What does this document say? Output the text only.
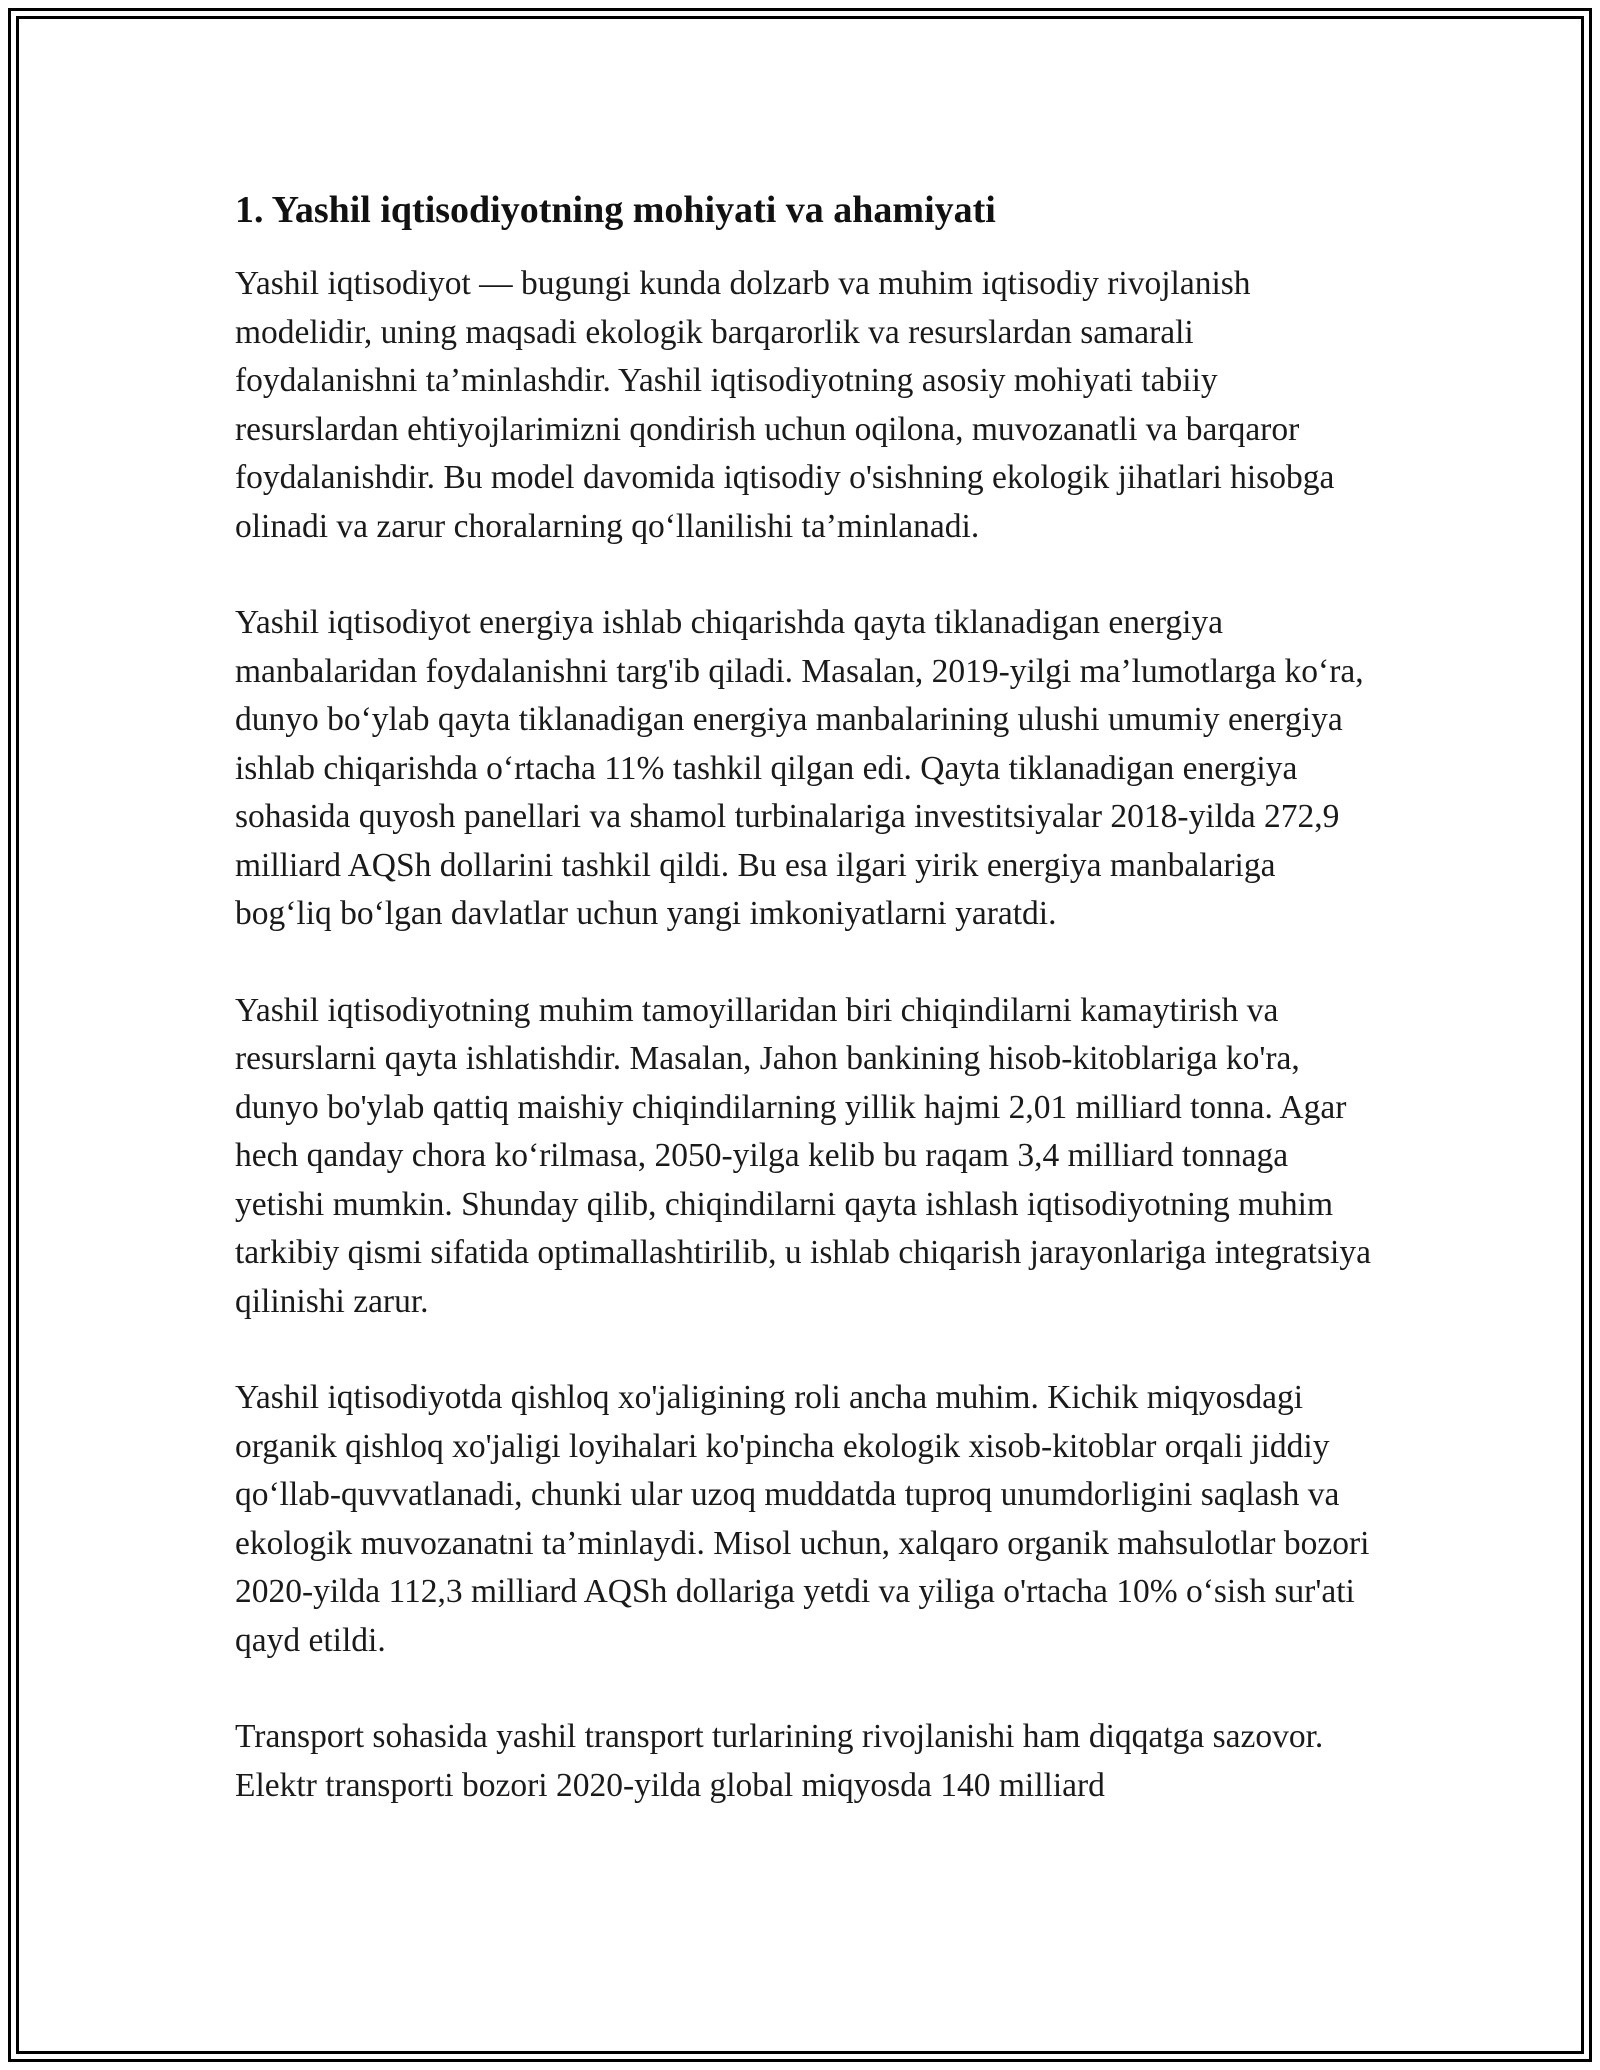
1. Yashil iqtisodiyotning mohiyati va ahamiyati

Yashil iqtisodiyot — bugungi kunda dolzarb va muhim iqtisodiy rivojlanish modelidir, uning maqsadi ekologik barqarorlik va resurslardan samarali foydalanishni ta’minlashdir. Yashil iqtisodiyotning asosiy mohiyati tabiiy resurslardan ehtiyojlarimizni qondirish uchun oqilona, muvozanatli va barqaror foydalanishdir. Bu model davomida iqtisodiy o'sishning ekologik jihatlari hisobga olinadi va zarur choralarning qo‘llanilishi ta’minlanadi.

Yashil iqtisodiyot energiya ishlab chiqarishda qayta tiklanadigan energiya manbalaridan foydalanishni targ'ib qiladi. Masalan, 2019-yilgi ma’lumotlarga ko‘ra, dunyo bo‘ylab qayta tiklanadigan energiya manbalarining ulushi umumiy energiya ishlab chiqarishda o‘rtacha 11% tashkil qilgan edi. Qayta tiklanadigan energiya sohasida quyosh panellari va shamol turbinalariga investitsiyalar 2018-yilda 272,9 milliard AQSh dollarini tashkil qildi. Bu esa ilgari yirik energiya manbalariga bog‘liq bo‘lgan davlatlar uchun yangi imkoniyatlarni yaratdi.

Yashil iqtisodiyotning muhim tamoyillaridan biri chiqindilarni kamaytirish va resurslarni qayta ishlatishdir. Masalan, Jahon bankining hisob-kitoblariga ko'ra, dunyo bo'ylab qattiq maishiy chiqindilarning yillik hajmi 2,01 milliard tonna. Agar hech qanday chora ko‘rilmasa, 2050-yilga kelib bu raqam 3,4 milliard tonnaga yetishi mumkin. Shunday qilib, chiqindilarni qayta ishlash iqtisodiyotning muhim tarkibiy qismi sifatida optimallashtirilib, u ishlab chiqarish jarayonlariga integratsiya qilinishi zarur.

Yashil iqtisodiyotda qishloq xo'jaligining roli ancha muhim. Kichik miqyosdagi organik qishloq xo'jaligi loyihalari ko'pincha ekologik xisob-kitoblar orqali jiddiy qo‘llab-quvvatlanadi, chunki ular uzoq muddatda tuproq unumdorligini saqlash va ekologik muvozanatni ta’minlaydi. Misol uchun, xalqaro organik mahsulotlar bozori 2020-yilda 112,3 milliard AQSh dollariga yetdi va yiliga o'rtacha 10% o‘sish sur'ati qayd etildi.

Transport sohasida yashil transport turlarining rivojlanishi ham diqqatga sazovor. Elektr transporti bozori 2020-yilda global miqyosda 140 milliard
